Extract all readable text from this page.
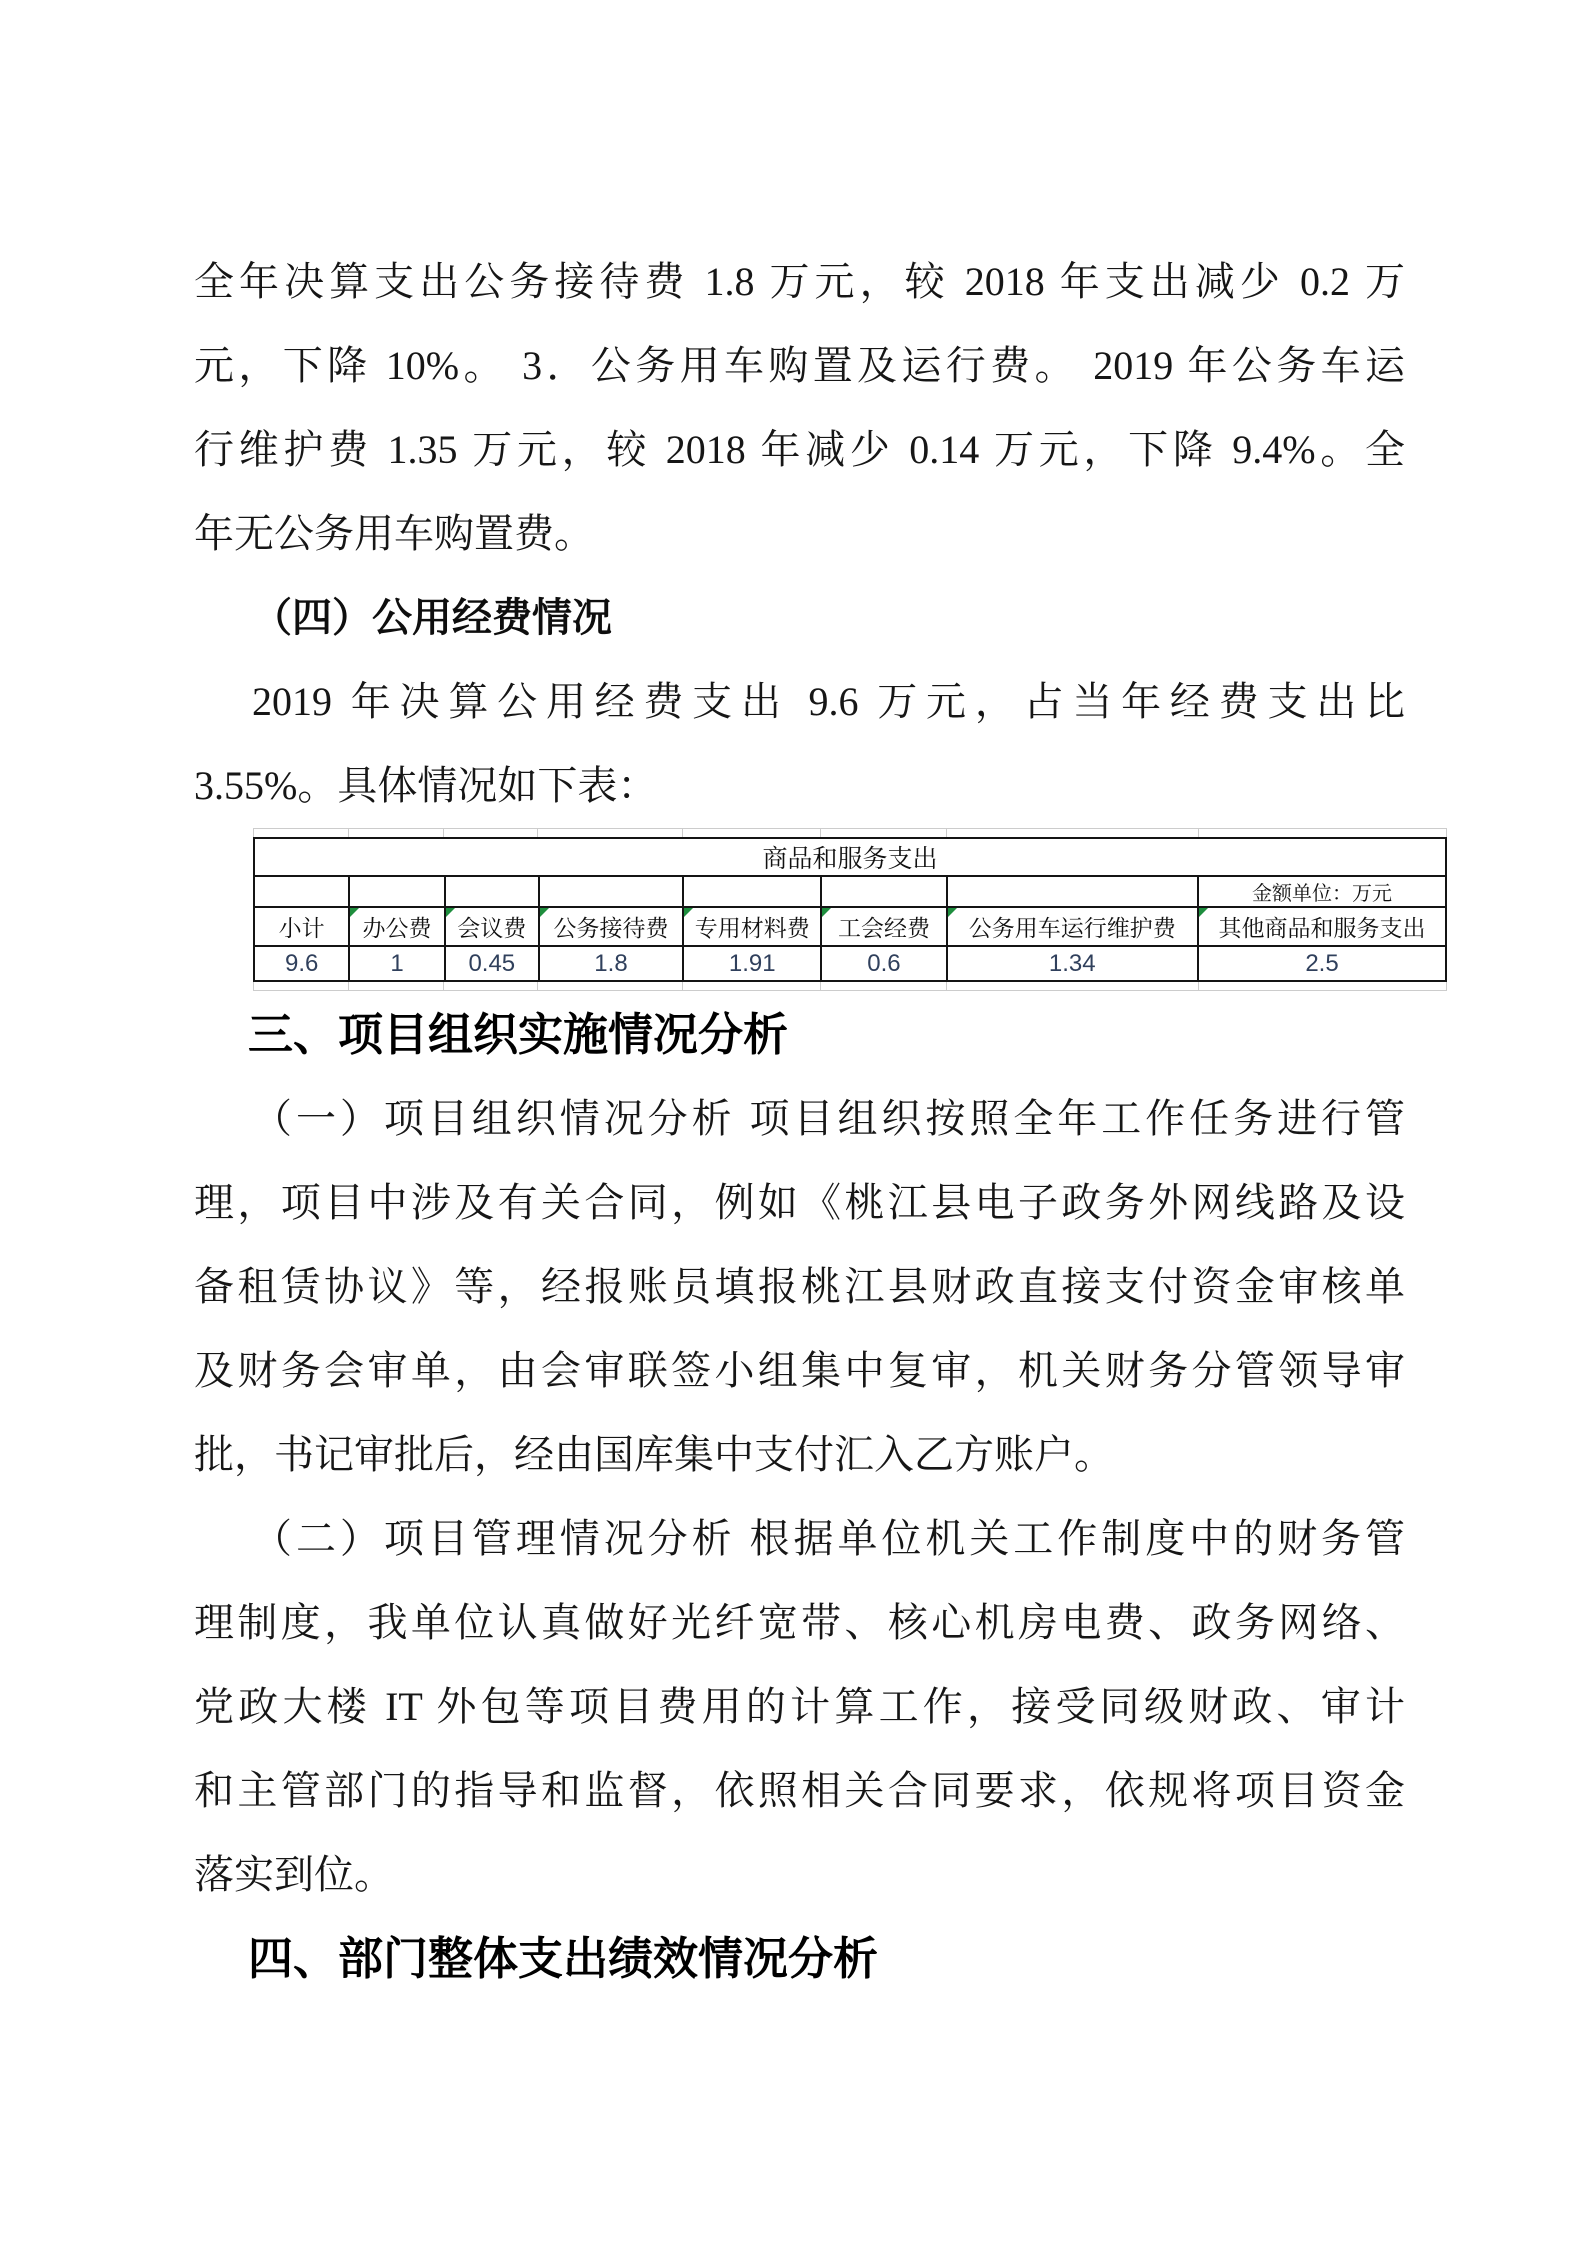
全年决算支出公务接待费 1.8 万元，较 2018 年支出减少 0.2 万
元，下降 10%。 3．公务用车购置及运行费。 2019 年公务车运
行维护费 1.35 万元，较 2018 年减少 0.14 万元，下降 9.4%。全
年无公务用车购置费。
（四）公用经费情况
2019 年决算公用经费支出 9.6 万元，占当年经费支出比
3.55%。具体情况如下表：
商品和服务支出							
							金额单位：万元
小计	办公费	会议费	公务接待费	专用材料费	工会经费	公务用车运行维护费	其他商品和服务支出
9.6	1	0.45	1.8	1.91	0.6	1.34	2.5
三、项目组织实施情况分析
（一）项目组织情况分析 项目组织按照全年工作任务进行管
理，项目中涉及有关合同，例如《桃江县电子政务外网线路及设
备租赁协议》等，经报账员填报桃江县财政直接支付资金审核单
及财务会审单，由会审联签小组集中复审，机关财务分管领导审
批，书记审批后，经由国库集中支付汇入乙方账户。
（二）项目管理情况分析 根据单位机关工作制度中的财务管
理制度，我单位认真做好光纤宽带、核心机房电费、政务网络、
党政大楼 IT 外包等项目费用的计算工作，接受同级财政、审计
和主管部门的指导和监督，依照相关合同要求，依规将项目资金
落实到位。
四、部门整体支出绩效情况分析
